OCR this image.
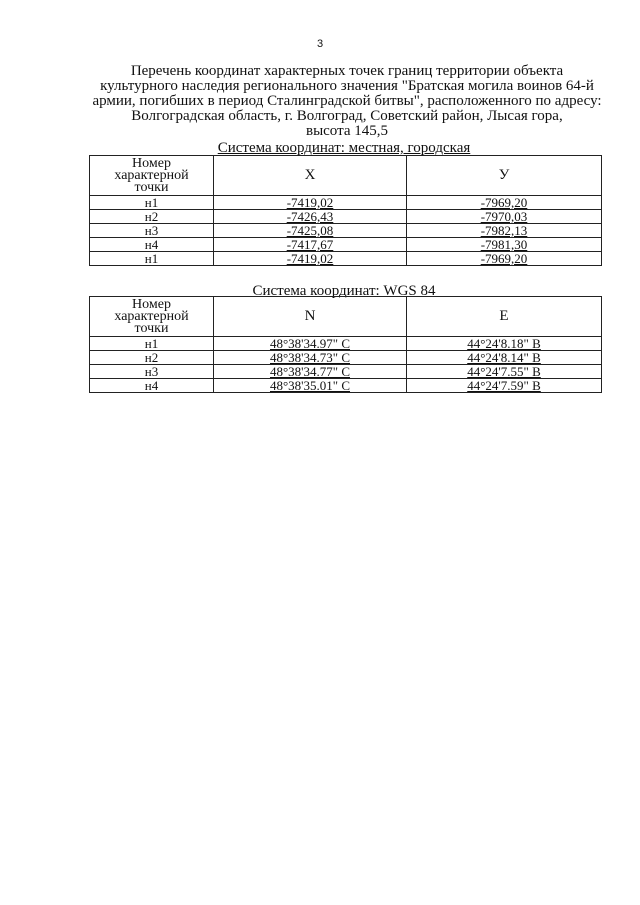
3
Перечень координат характерных точек границ территории объекта
культурного наследия регионального значения "Братская могила воинов 64-й
армии, погибших в период Сталинградской битвы", расположенного по адресу:
Волгоградская область, г. Волгоград, Советский район, Лысая гора,
высота 145,5
Система координат: местная, городская
Номер
характерной
точки	X	У
н1	-7419,02	-7969,20
н2	-7426,43	-7970,03
н3	-7425,08	-7982,13
н4	-7417,67	-7981,30
н1	-7419,02	-7969,20
Система координат: WGS 84
Номер
характерной
точки	N	E
н1	48°38'34.97" С	44°24'8.18" В
н2	48°38'34.73" С	44°24'8.14" В
н3	48°38'34.77" С	44°24'7.55" В
н4	48°38'35.01" С	44°24'7.59" В
